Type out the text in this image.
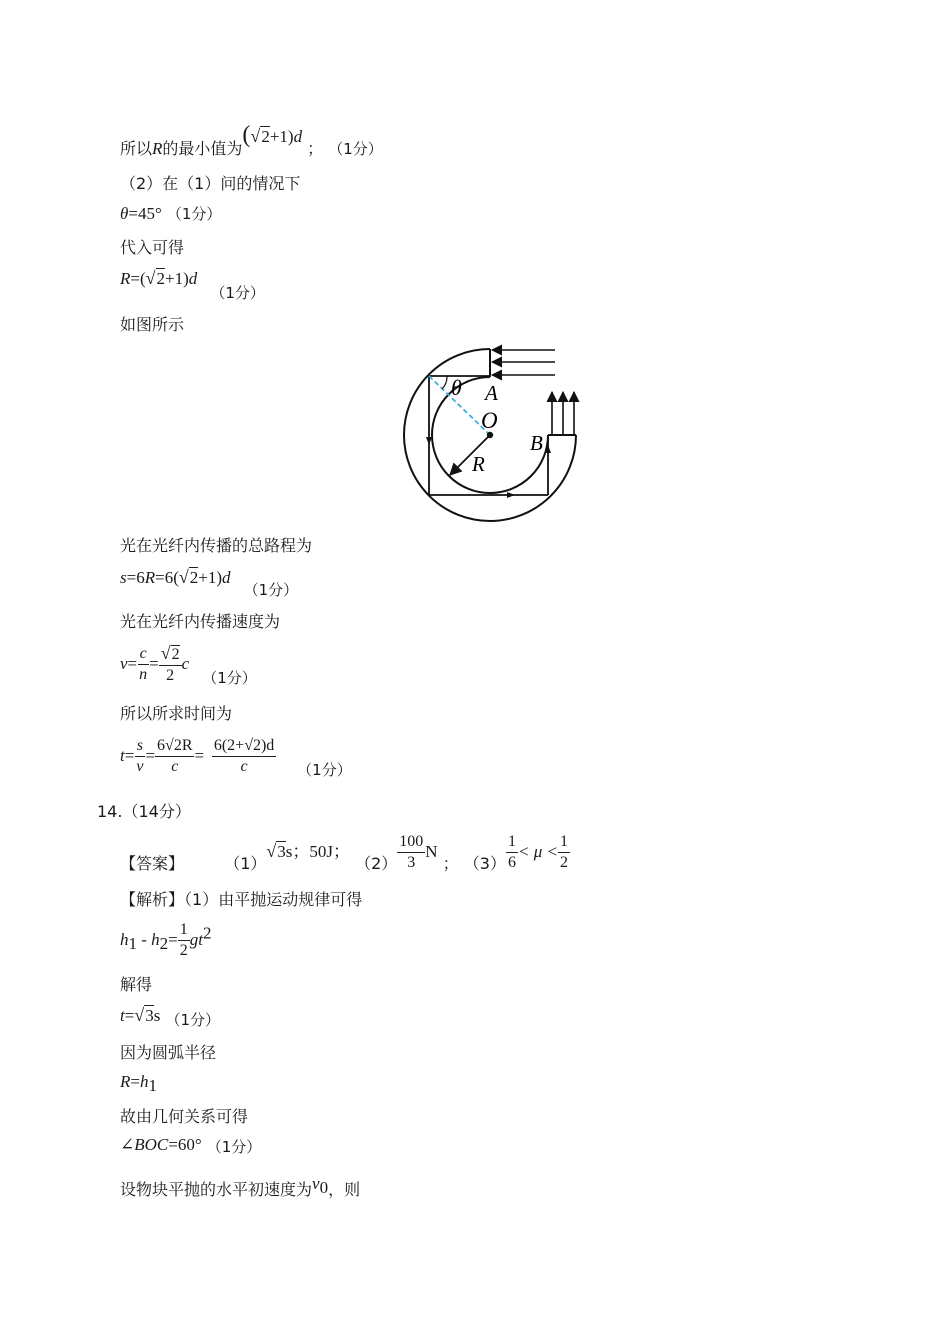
所以R的最小值为(√2+1)d ； （1分）
（2）在（1）问的情况下
θ=45° （1分）
代入可得
R=(√2+1)d （1分）
如图所示
θ A
O
B
R
光在光纤内传播的总路程为
s=6R=6(√2+1)d （1分）
光在光纤内传播速度为
$v= \frac{c}{n} = \frac{√2}{2}$ c （1分）
所以所求时间为
$t= \frac{s}{v} = \frac{6√2R}{c} = \frac{6(2+√2)d}{c} (1$分）
14.（14分）
【答案】	（1）√3s；50J； $(2) \frac{100}{3}$ N ； $(3) \frac{1}{6} < \mu < \frac{1}{2}$
【解析】（1）由平抛运动规律可得
$h_1 - h_2= \frac{1}{2} gt^2$
解得
t=√3s （1分）
因为圆弧半径
$R=h_1$
故由几何关系可得
∠BOC=60° （1分）
设物块平抛的水平初速度为$v_0$，则
